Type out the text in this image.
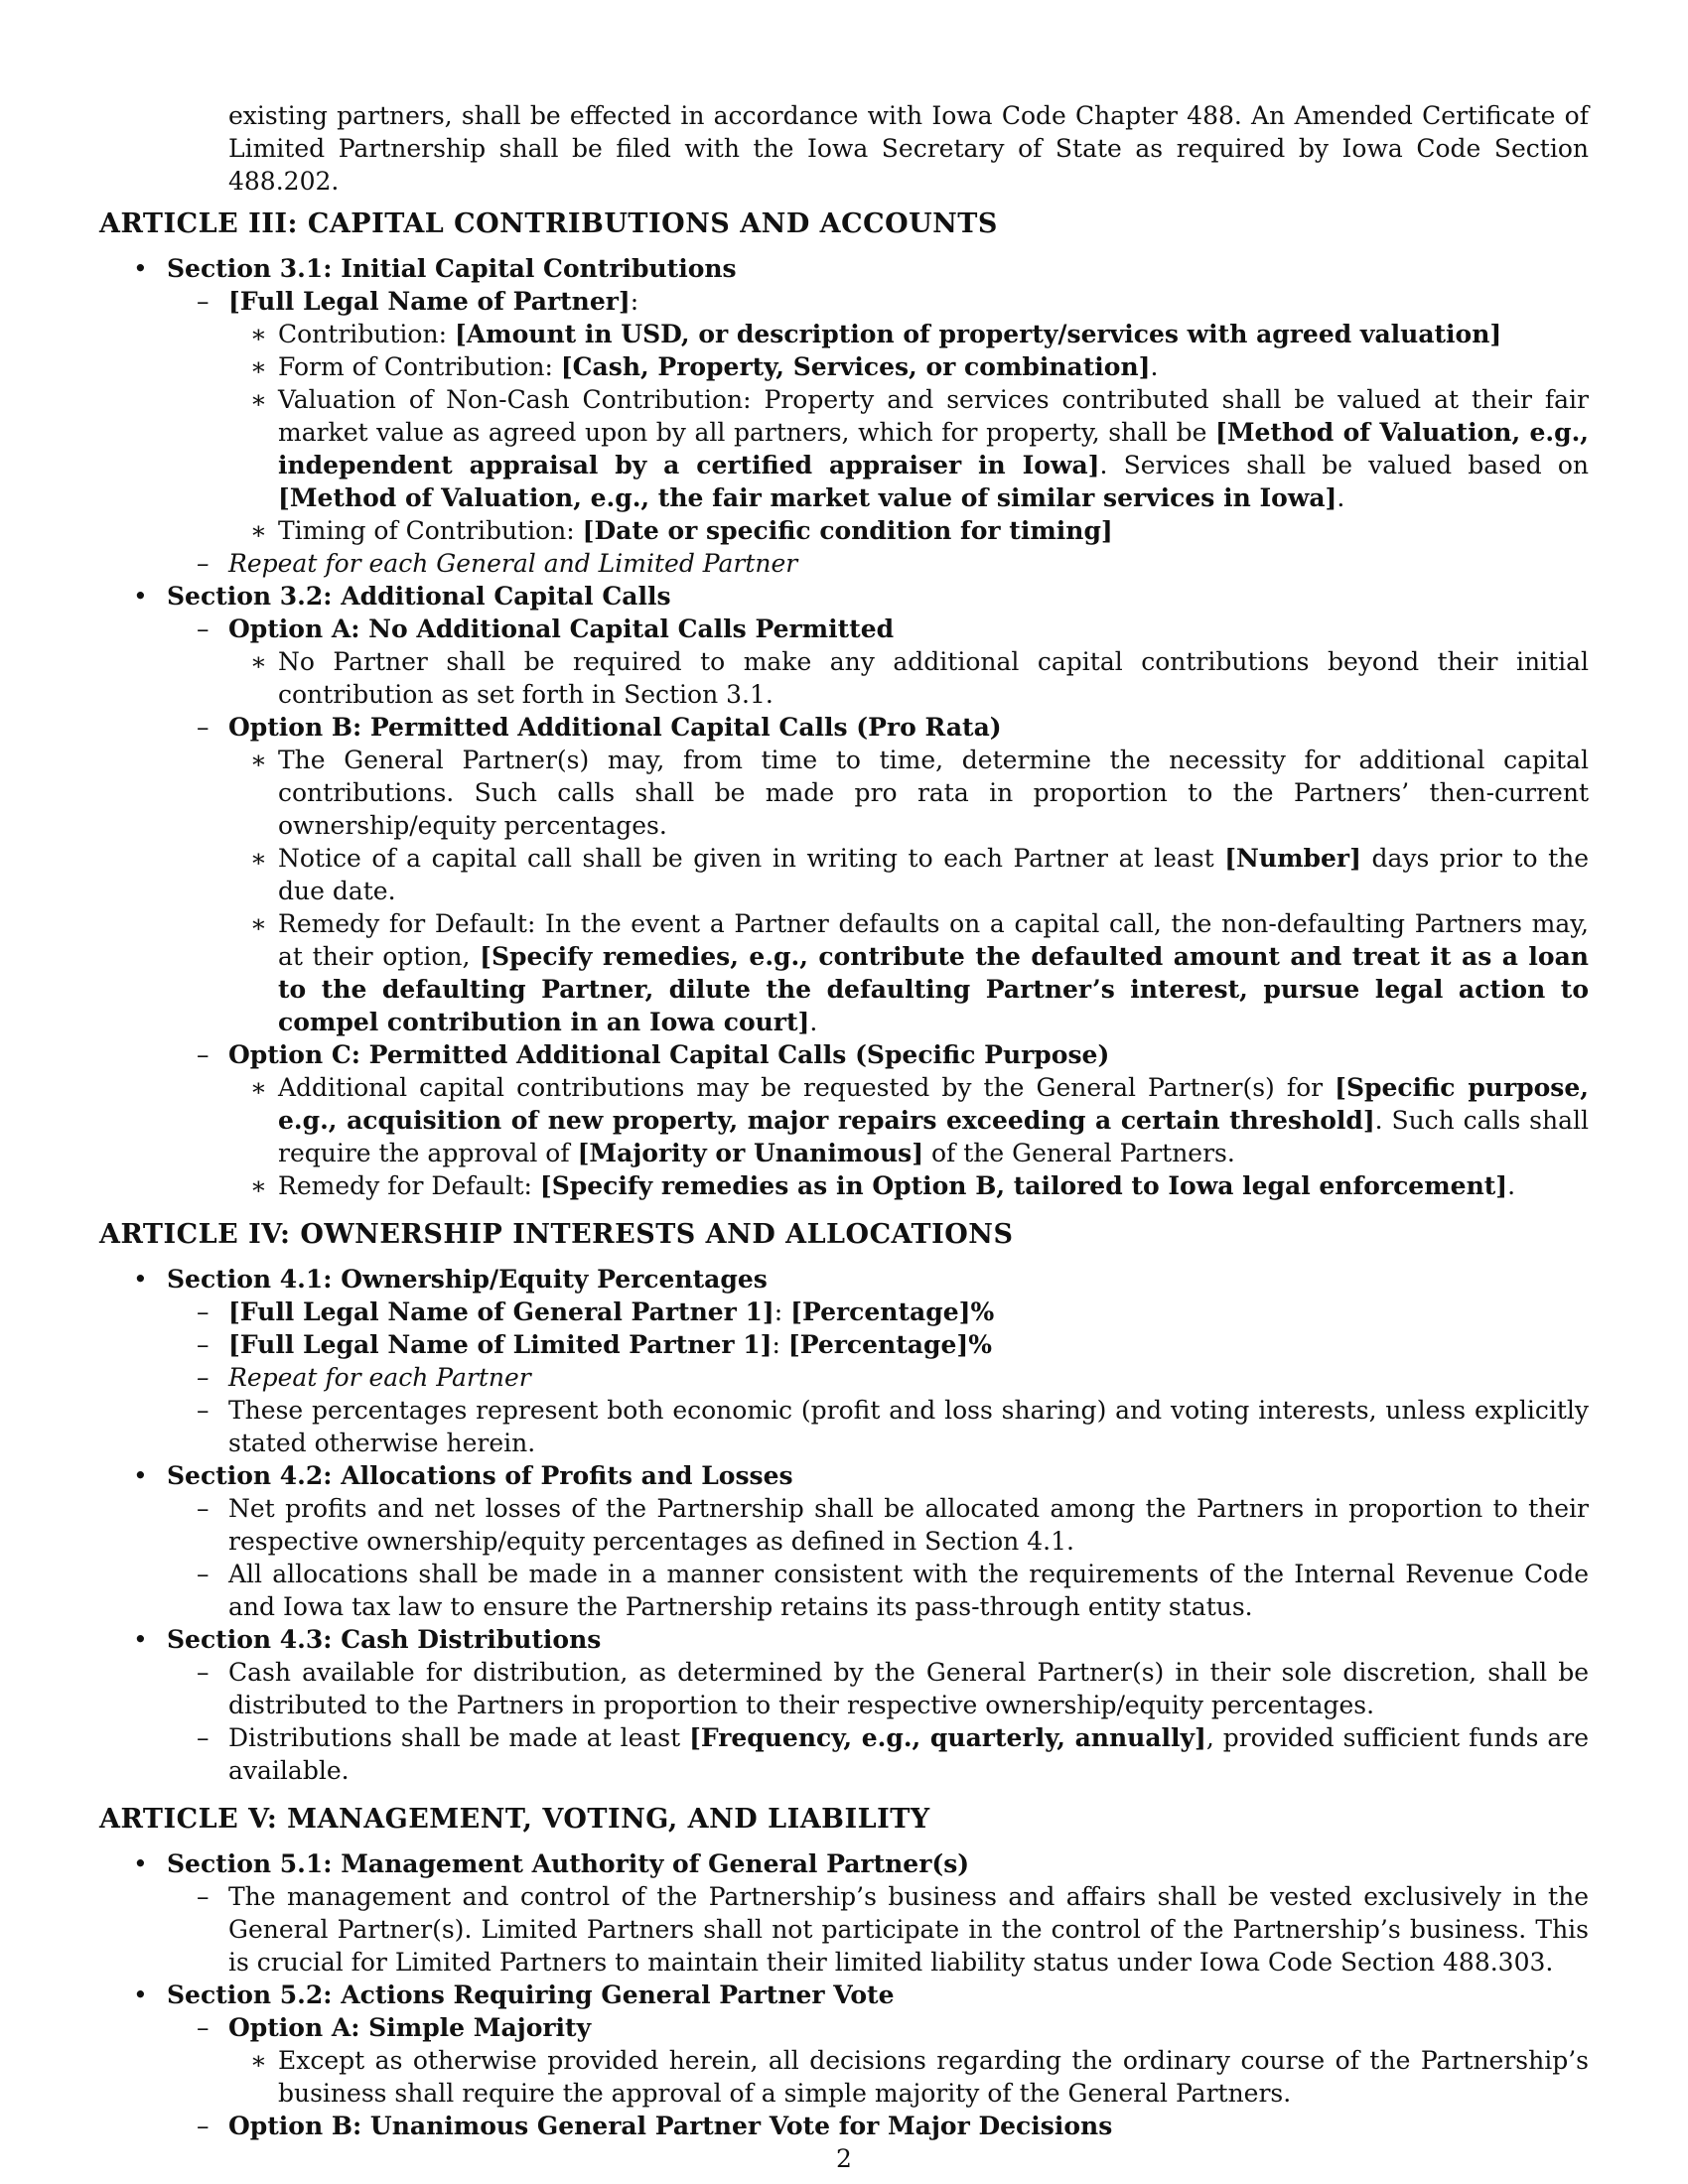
existing partners, shall be effected in accordance with Iowa Code Chapter 488. An Amended Certificate of Limited Partnership shall be filed with the Iowa Secretary of State as required by Iowa Code Section 488.202.

ARTICLE III: CAPITAL CONTRIBUTIONS AND ACCOUNTS
• Section 3.1: Initial Capital Contributions
– [Full Legal Name of Partner]:
∗ Contribution: [Amount in USD, or description of property/services with agreed valuation]
∗ Form of Contribution: [Cash, Property, Services, or combination].
∗ Valuation of Non-Cash Contribution: Property and services contributed shall be valued at their fair market value as agreed upon by all partners, which for property, shall be [Method of Valuation, e.g., independent appraisal by a certified appraiser in Iowa]. Services shall be valued based on [Method of Valuation, e.g., the fair market value of similar services in Iowa].
∗ Timing of Contribution: [Date or specific condition for timing]
– Repeat for each General and Limited Partner
• Section 3.2: Additional Capital Calls
– Option A: No Additional Capital Calls Permitted
∗ No Partner shall be required to make any additional capital contributions beyond their initial contribution as set forth in Section 3.1.
– Option B: Permitted Additional Capital Calls (Pro Rata)
∗ The General Partner(s) may, from time to time, determine the necessity for additional capital contributions. Such calls shall be made pro rata in proportion to the Partners’ then-current ownership/equity percentages.
∗ Notice of a capital call shall be given in writing to each Partner at least [Number] days prior to the due date.
∗ Remedy for Default: In the event a Partner defaults on a capital call, the non-defaulting Partners may, at their option, [Specify remedies, e.g., contribute the defaulted amount and treat it as a loan to the defaulting Partner, dilute the defaulting Partner’s interest, pursue legal action to compel contribution in an Iowa court].
– Option C: Permitted Additional Capital Calls (Specific Purpose)
∗ Additional capital contributions may be requested by the General Partner(s) for [Specific purpose, e.g., acquisition of new property, major repairs exceeding a certain threshold]. Such calls shall require the approval of [Majority or Unanimous] of the General Partners.
∗ Remedy for Default: [Specify remedies as in Option B, tailored to Iowa legal enforcement].
ARTICLE IV: OWNERSHIP INTERESTS AND ALLOCATIONS
• Section 4.1: Ownership/Equity Percentages
– [Full Legal Name of General Partner 1]: [Percentage]%
– [Full Legal Name of Limited Partner 1]: [Percentage]%
– Repeat for each Partner
– These percentages represent both economic (profit and loss sharing) and voting interests, unless explicitly stated otherwise herein.
• Section 4.2: Allocations of Profits and Losses
– Net profits and net losses of the Partnership shall be allocated among the Partners in proportion to their respective ownership/equity percentages as defined in Section 4.1.
– All allocations shall be made in a manner consistent with the requirements of the Internal Revenue Code and Iowa tax law to ensure the Partnership retains its pass-through entity status.
• Section 4.3: Cash Distributions
– Cash available for distribution, as determined by the General Partner(s) in their sole discretion, shall be distributed to the Partners in proportion to their respective ownership/equity percentages.
– Distributions shall be made at least [Frequency, e.g., quarterly, annually], provided sufficient funds are available.
ARTICLE V: MANAGEMENT, VOTING, AND LIABILITY
• Section 5.1: Management Authority of General Partner(s)
– The management and control of the Partnership’s business and affairs shall be vested exclusively in the General Partner(s). Limited Partners shall not participate in the control of the Partnership’s business. This is crucial for Limited Partners to maintain their limited liability status under Iowa Code Section 488.303.
• Section 5.2: Actions Requiring General Partner Vote
– Option A: Simple Majority
∗ Except as otherwise provided herein, all decisions regarding the ordinary course of the Partnership’s business shall require the approval of a simple majority of the General Partners.
– Option B: Unanimous General Partner Vote for Major Decisions
2
